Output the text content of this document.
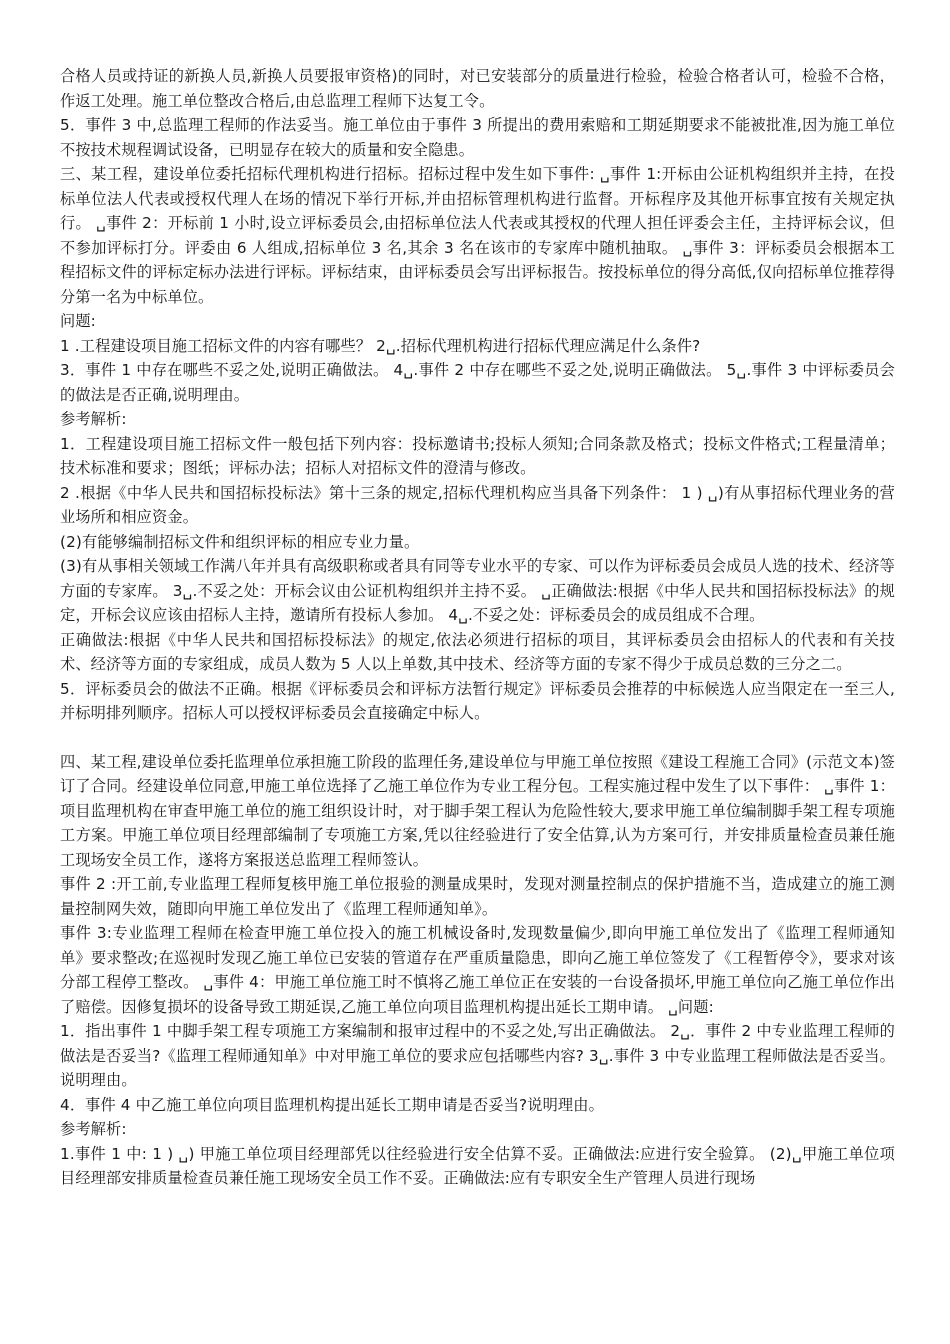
合格人员或持证的新换人员,新换人员要报审资格)的同时，对已安装部分的质量进行检验，检验合格者认可，检验不合格，作返工处理。施工单位整改合格后,由总监理工程师下达复工令。

5．事件 3 中,总监理工程师的作法妥当。施工单位由于事件 3 所提出的费用索赔和工期延期要求不能被批准,因为施工单位不按技术规程调试设备，已明显存在较大的质量和安全隐患。

三、某工程，建设单位委托招标代理机构进行招标。招标过程中发生如下事件: ␣事件 1:开标由公证机构组织并主持，在投标单位法人代表或授权代理人在场的情况下举行开标,并由招标管理机构进行监督。开标程序及其他开标事宜按有关规定执行。 ␣事件 2：开标前 1 小时,设立评标委员会,由招标单位法人代表或其授权的代理人担任评委会主任，主持评标会议，但不参加评标打分。评委由 6 人组成,招标单位 3 名,其余 3 名在该市的专家库中随机抽取。 ␣事件 3：评标委员会根据本工程招标文件的评标定标办法进行评标。评标结束，由评标委员会写出评标报告。按投标单位的得分高低,仅向招标单位推荐得分第一名为中标单位。

问题:

1 .工程建设项目施工招标文件的内容有哪些？ 2␣.招标代理机构进行招标代理应满足什么条件?

3．事件 1 中存在哪些不妥之处,说明正确做法。 4␣.事件 2 中存在哪些不妥之处,说明正确做法。 5␣.事件 3 中评标委员会的做法是否正确,说明理由。

参考解析:

1．工程建设项目施工招标文件一般包括下列内容：投标邀请书;投标人须知;合同条款及格式；投标文件格式;工程量清单；技术标准和要求；图纸；评标办法；招标人对招标文件的澄清与修改。

2 .根据《中华人民共和国招标投标法》第十三条的规定,招标代理机构应当具备下列条件： 1 ) ␣)有从事招标代理业务的营业场所和相应资金。

(2)有能够编制招标文件和组织评标的相应专业力量。

(3)有从事相关领域工作满八年并具有高级职称或者具有同等专业水平的专家、可以作为评标委员会成员人选的技术、经济等方面的专家库。 3␣.不妥之处：开标会议由公证机构组织并主持不妥。 ␣正确做法:根据《中华人民共和国招标投标法》的规定，开标会议应该由招标人主持，邀请所有投标人参加。 4␣.不妥之处：评标委员会的成员组成不合理。

正确做法:根据《中华人民共和国招标投标法》的规定,依法必须进行招标的项目，其评标委员会由招标人的代表和有关技术、经济等方面的专家组成，成员人数为 5 人以上单数,其中技术、经济等方面的专家不得少于成员总数的三分之二。

5．评标委员会的做法不正确。根据《评标委员会和评标方法暂行规定》评标委员会推荐的中标候选人应当限定在一至三人,并标明排列顺序。招标人可以授权评标委员会直接确定中标人。

四、某工程,建设单位委托监理单位承担施工阶段的监理任务,建设单位与甲施工单位按照《建设工程施工合同》(示范文本)签订了合同。经建设单位同意,甲施工单位选择了乙施工单位作为专业工程分包。工程实施过程中发生了以下事件： ␣事件 1：项目监理机构在审查甲施工单位的施工组织设计时，对于脚手架工程认为危险性较大,要求甲施工单位编制脚手架工程专项施工方案。甲施工单位项目经理部编制了专项施工方案,凭以往经验进行了安全估算,认为方案可行，并安排质量检查员兼任施工现场安全员工作，遂将方案报送总监理工程师签认。

事件 2 :开工前,专业监理工程师复核甲施工单位报验的测量成果时，发现对测量控制点的保护措施不当，造成建立的施工测量控制网失效，随即向甲施工单位发出了《监理工程师通知单》。

事件 3:专业监理工程师在检查甲施工单位投入的施工机械设备时,发现数量偏少,即向甲施工单位发出了《监理工程师通知单》要求整改;在巡视时发现乙施工单位已安装的管道存在严重质量隐患，即向乙施工单位签发了《工程暂停令》，要求对该分部工程停工整改。 ␣事件 4：甲施工单位施工时不慎将乙施工单位正在安装的一台设备损坏,甲施工单位向乙施工单位作出了赔偿。因修复损坏的设备导致工期延误,乙施工单位向项目监理机构提出延长工期申请。 ␣问题:

1．指出事件 1 中脚手架工程专项施工方案编制和报审过程中的不妥之处,写出正确做法。 2␣．事件 2 中专业监理工程师的做法是否妥当?《监理工程师通知单》中对甲施工单位的要求应包括哪些内容? 3␣.事件 3 中专业监理工程师做法是否妥当。说明理由。

4．事件 4 中乙施工单位向项目监理机构提出延长工期申请是否妥当?说明理由。

参考解析:

1.事件 1 中: 1 ) ␣) 甲施工单位项目经理部凭以往经验进行安全估算不妥。正确做法:应进行安全验算。 (2)␣甲施工单位项目经理部安排质量检查员兼任施工现场安全员工作不妥。正确做法:应有专职安全生产管理人员进行现场
